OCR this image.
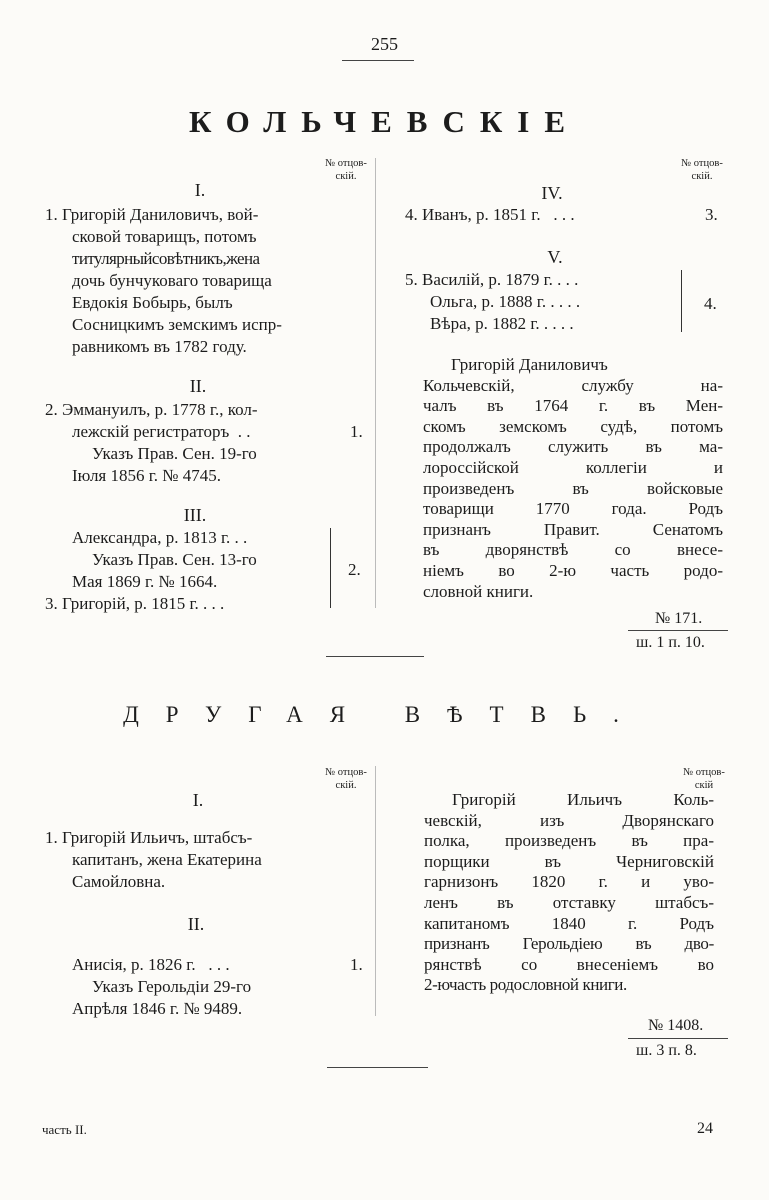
255
КОЛЬЧЕВСКІЕ
№ отцов-
скій.
№ отцов-
скій.
I.
1. Григорій Даниловичъ, вой-
сковой товарищъ, потомъ
титулярныйсовѣтникъ,жена
дочь бунчуковаго товарища
Евдокія Бобырь, былъ
Сосницкимъ земскимъ испр-
равникомъ въ 1782 году.
II.
2. Эммануилъ, р. 1778 г., кол-
лежскій регистраторъ  . .
Указъ Прав. Сен. 19-го
Іюля 1856 г. № 4745.
1.
III.
Александра, р. 1813 г. . .
Указъ Прав. Сен. 13-го
Мая 1869 г. № 1664.
3. Григорій, р. 1815 г. . . .
2.
IV.
4. Иванъ, р. 1851 г.   . . .	3.
V.
5. Василій, р. 1879 г. . . .
Ольга, р. 1888 г. . . . .
Вѣра, р. 1882 г. . . . .
4.
Григорій Даниловичъ
Кольчевскій, службу на-
чалъ въ 1764 г. въ Мен-
скомъ земскомъ судѣ, потомъ
продолжалъ служить въ ма-
лороссійской коллегіи и
произведенъ въ войсковые
товарищи 1770 года. Родъ
признанъ Правит. Сенатомъ
въ дворянствѣ со внесе-
ніемъ во 2-ю часть родо-
словной книги.
№ 171.
ш. 1 п. 10.
ДРУГАЯ ВѢТВЬ.
№ отцов-
скій.
№ отцов-
скій
I.
1. Григорій Ильичъ, штабсъ-
капитанъ, жена Екатерина
Самойловна.
II.
Анисія, р. 1826 г.   . . .
Указъ Герольдіи 29-го
Апрѣля 1846 г. № 9489.
1.
Григорій Ильичъ Коль-
чевскій, изъ Дворянскаго
полка, произведенъ въ пра-
порщики въ Черниговскій
гарнизонъ 1820 г. и уво-
ленъ въ отставку штабсъ-
капитаномъ 1840 г. Родъ
признанъ Герольдіею въ дво-
рянствѣ со внесеніемъ во
2-ючасть родословной книги.
№ 1408.
ш. 3 п. 8.
часть II.	24
